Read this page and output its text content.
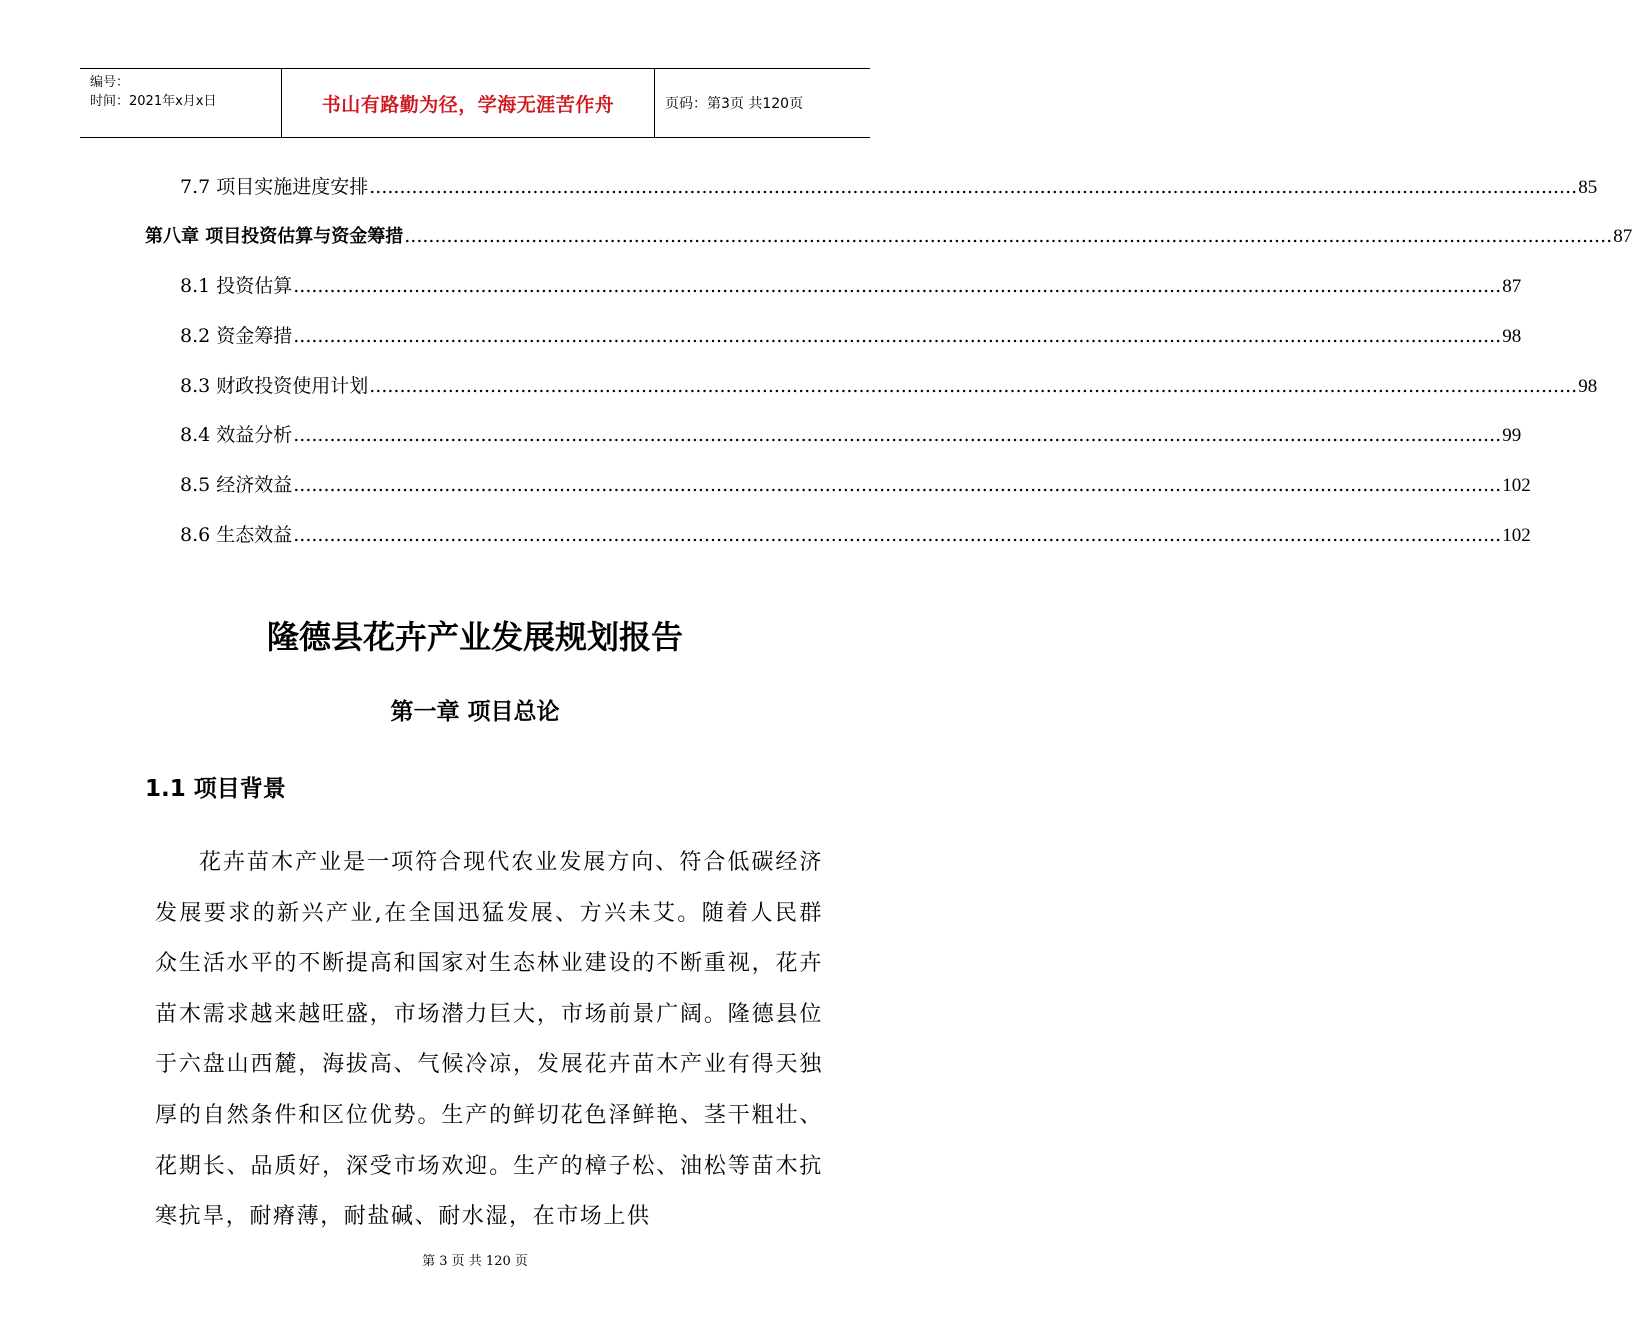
编号：
时间：2021年x月x日	书山有路勤为径，学海无涯苦作舟	页码：第3页 共120页
7.7 项目实施进度安排 ........................................................................................................................................................................................................ 85
第八章 项目投资估算与资金筹措 ........................................................................................................................................................................................................ 87
8.1 投资估算 ........................................................................................................................................................................................................ 87
8.2 资金筹措 ........................................................................................................................................................................................................ 98
8.3 财政投资使用计划 ........................................................................................................................................................................................................ 98
8.4 效益分析 ........................................................................................................................................................................................................ 99
8.5 经济效益 ........................................................................................................................................................................................................ 102
8.6 生态效益 ........................................................................................................................................................................................................ 102
隆德县花卉产业发展规划报告
第一章 项目总论
1.1 项目背景
花卉苗木产业是一项符合现代农业发展方向、符合低碳经济发展要求的新兴产业,在全国迅猛发展、方兴未艾。随着人民群众生活水平的不断提高和国家对生态林业建设的不断重视，花卉苗木需求越来越旺盛，市场潜力巨大，市场前景广阔。隆德县位于六盘山西麓，海拔高、气候冷凉，发展花卉苗木产业有得天独厚的自然条件和区位优势。生产的鲜切花色泽鲜艳、茎干粗壮、花期长、品质好，深受市场欢迎。生产的樟子松、油松等苗木抗寒抗旱，耐瘠薄，耐盐碱、耐水湿，在市场上供
第 3 页 共 120 页
